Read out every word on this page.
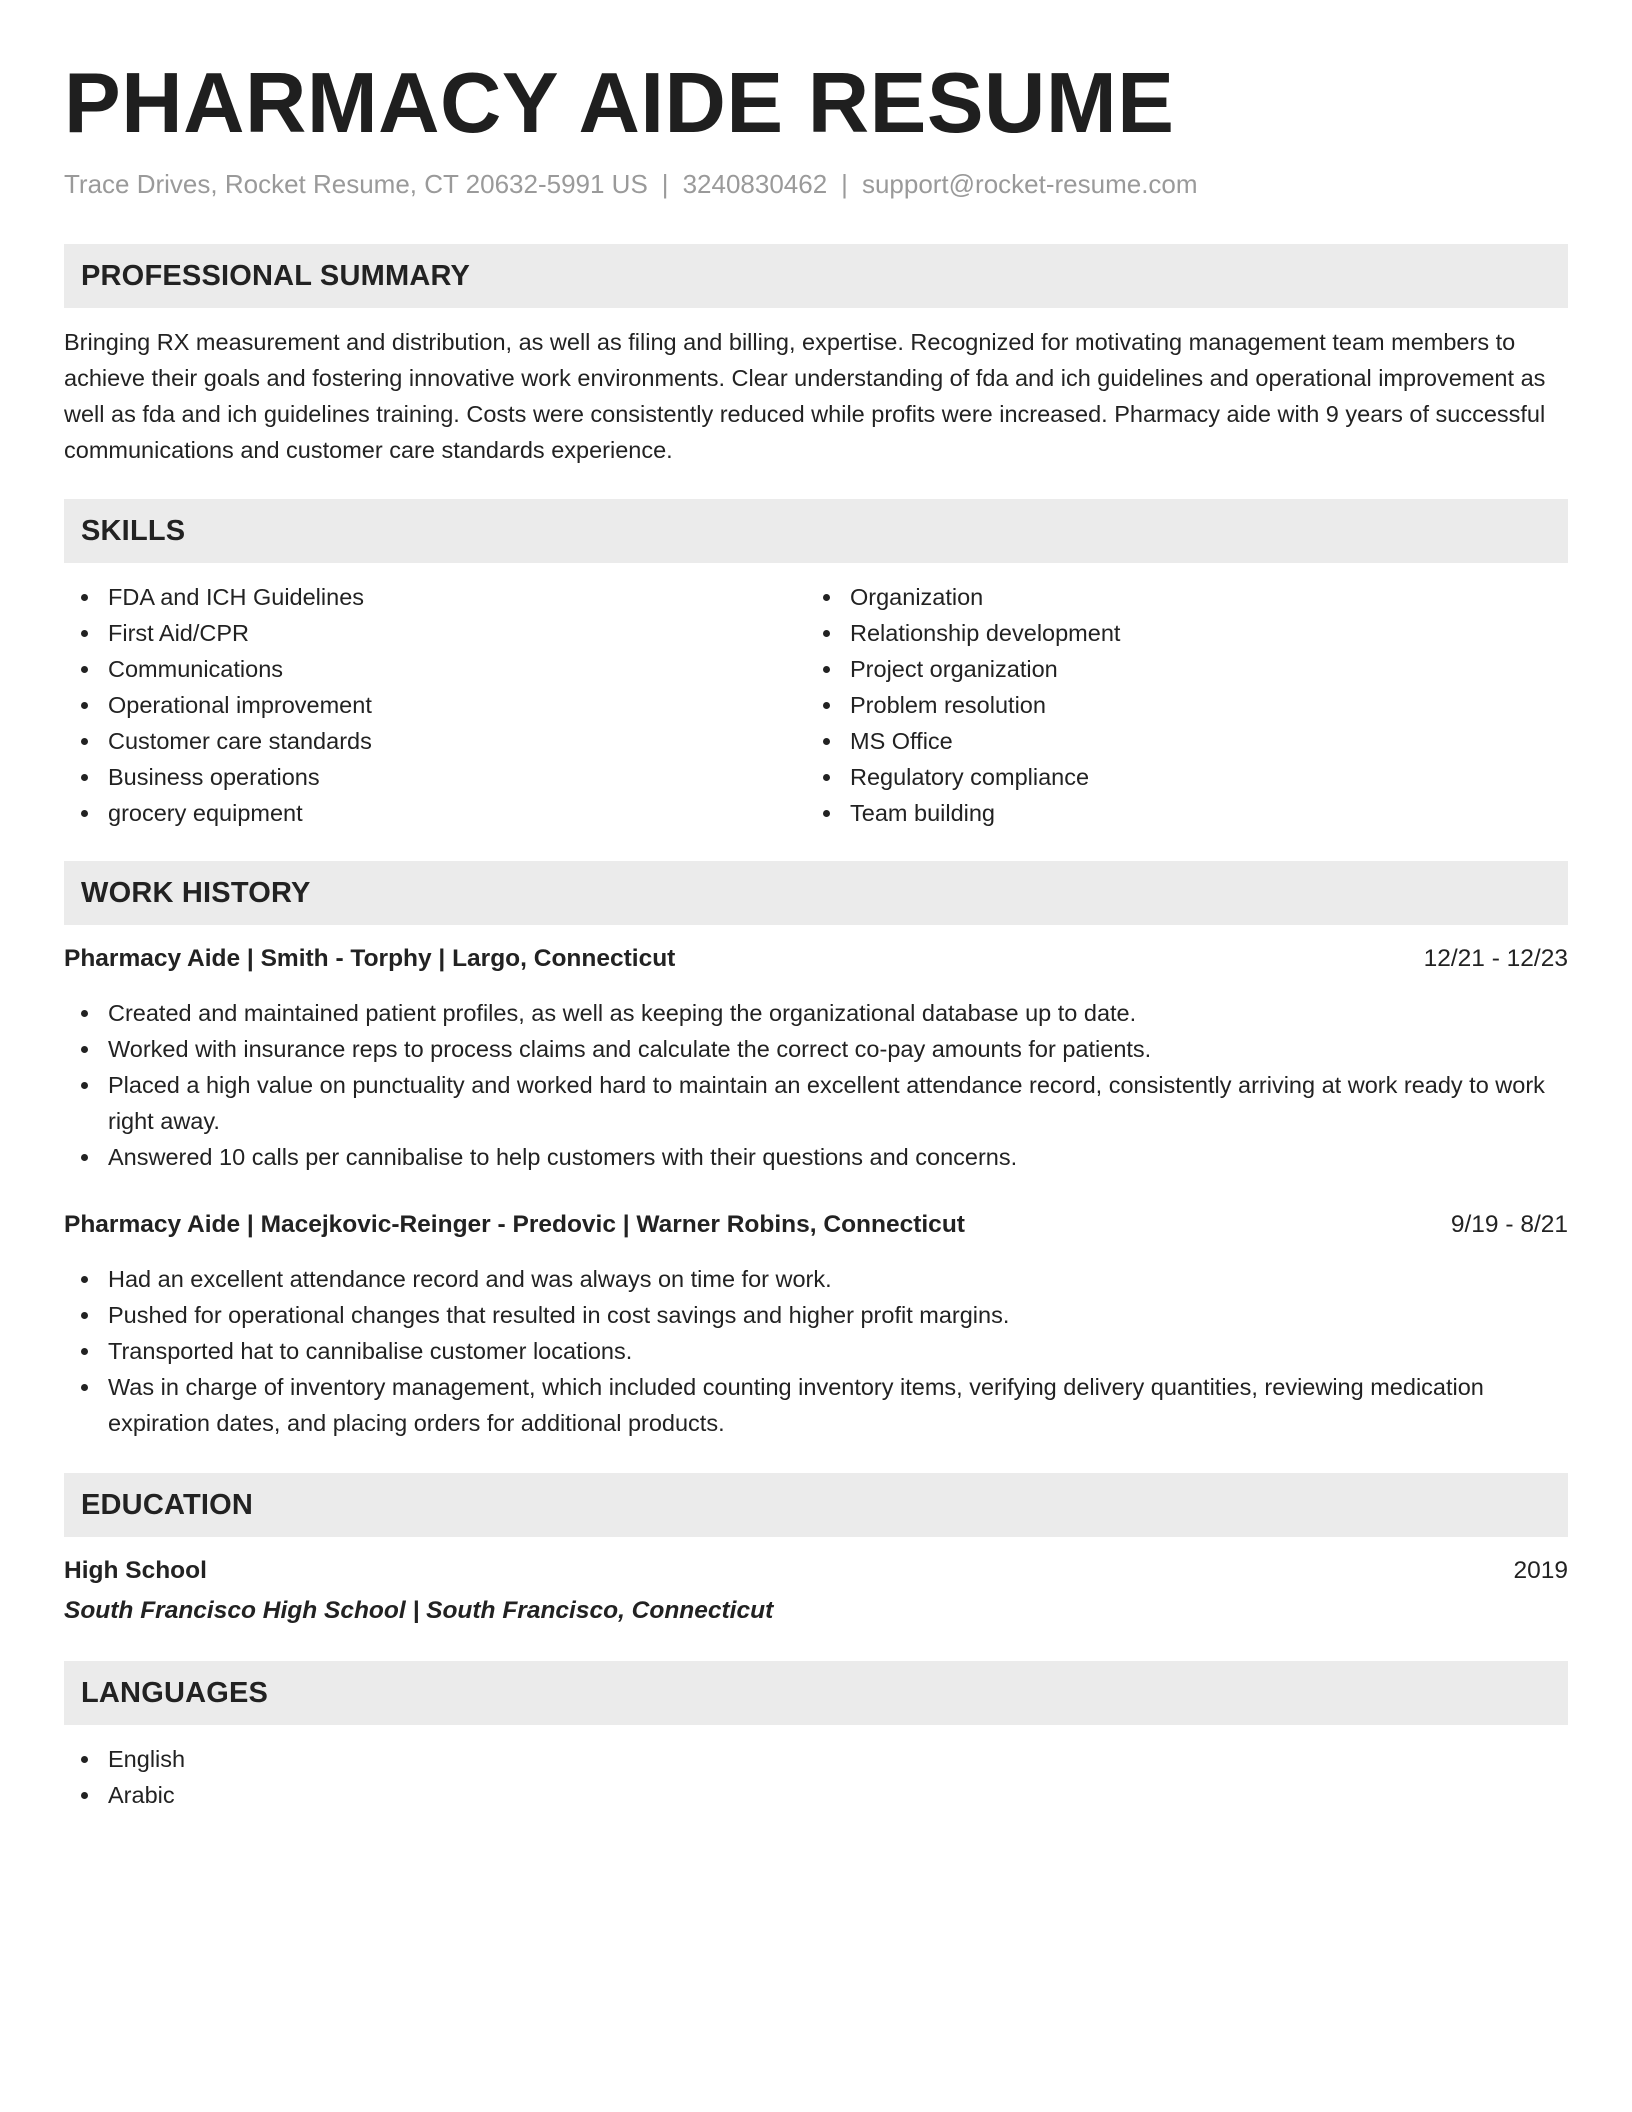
PHARMACY AIDE RESUME
Trace Drives, Rocket Resume, CT 20632-5991 US | 3240830462 | support@rocket-resume.com
PROFESSIONAL SUMMARY

Bringing RX measurement and distribution, as well as filing and billing, expertise. Recognized for motivating management team members to achieve their goals and fostering innovative work environments. Clear understanding of fda and ich guidelines and operational improvement as well as fda and ich guidelines training. Costs were consistently reduced while profits were increased. Pharmacy aide with 9 years of successful communications and customer care standards experience.

SKILLS
FDA and ICH Guidelines
First Aid/CPR
Communications
Operational improvement
Customer care standards
Business operations
grocery equipment
Organization
Relationship development
Project organization
Problem resolution
MS Office
Regulatory compliance
Team building
WORK HISTORY
Pharmacy Aide | Smith - Torphy | Largo, Connecticut	12/21 - 12/23
Created and maintained patient profiles, as well as keeping the organizational database up to date.
Worked with insurance reps to process claims and calculate the correct co-pay amounts for patients.
Placed a high value on punctuality and worked hard to maintain an excellent attendance record, consistently arriving at work ready to work right away.
Answered 10 calls per cannibalise to help customers with their questions and concerns.
Pharmacy Aide | Macejkovic-Reinger - Predovic | Warner Robins, Connecticut	9/19 - 8/21
Had an excellent attendance record and was always on time for work.
Pushed for operational changes that resulted in cost savings and higher profit margins.
Transported hat to cannibalise customer locations.
Was in charge of inventory management, which included counting inventory items, verifying delivery quantities, reviewing medication expiration dates, and placing orders for additional products.
EDUCATION
High School	2019
South Francisco High School | South Francisco, Connecticut
LANGUAGES
English
Arabic
